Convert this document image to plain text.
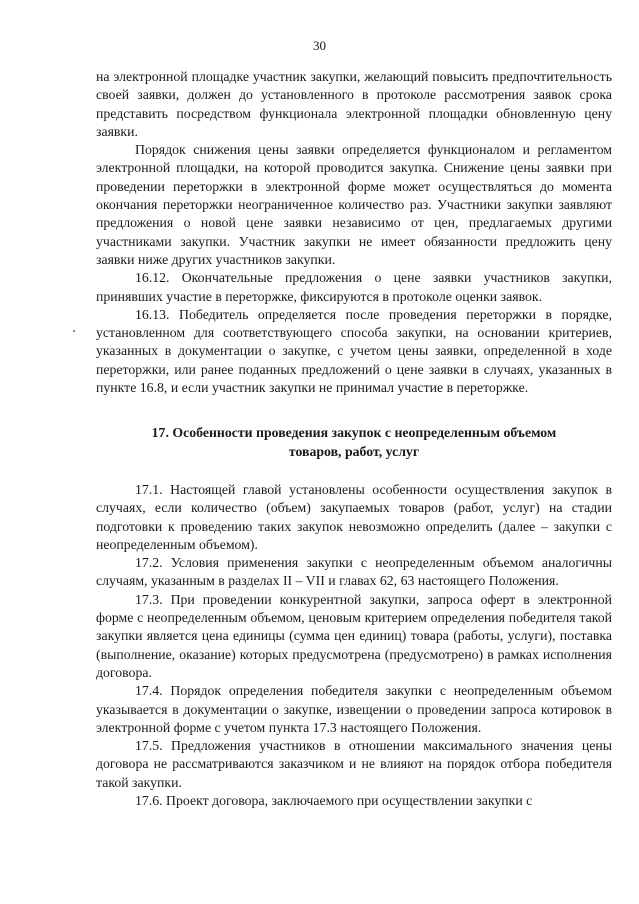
30

на электронной площадке участник закупки, желающий повысить предпочтительность своей заявки, должен до установленного в протоколе рассмотрения заявок срока представить посредством функционала электронной площадки обновленную цену заявки.

Порядок снижения цены заявки определяется функционалом и регламентом электронной площадки, на которой проводится закупка. Снижение цены заявки при проведении переторжки в электронной форме может осуществляться до момента окончания переторжки неограниченное количество раз. Участники закупки заявляют предложения о новой цене заявки независимо от цен, предлагаемых другими участниками закупки. Участник закупки не имеет обязанности предложить цену заявки ниже других участников закупки.

16.12. Окончательные предложения о цене заявки участников закупки, принявших участие в переторжке, фиксируются в протоколе оценки заявок.

16.13. Победитель определяется после проведения переторжки в порядке, установленном для соответствующего способа закупки, на основании критериев, указанных в документации о закупке, с учетом цены заявки, определенной в ходе переторжки, или ранее поданных предложений о цене заявки в случаях, указанных в пункте 16.8, и если участник закупки не принимал участие в переторжке.

17. Особенности проведения закупок с неопределенным объемом
товаров, работ, услуг

17.1. Настоящей главой установлены особенности осуществления закупок в случаях, если количество (объем) закупаемых товаров (работ, услуг) на стадии подготовки к проведению таких закупок невозможно определить (далее – закупки с неопределенным объемом).

17.2. Условия применения закупки с неопределенным объемом аналогичны случаям, указанным в разделах II – VII и главах 62, 63 настоящего Положения.

17.3. При проведении конкурентной закупки, запроса оферт в электронной форме с неопределенным объемом, ценовым критерием определения победителя такой закупки является цена единицы (сумма цен единиц) товара (работы, услуги), поставка (выполнение, оказание) которых предусмотрена (предусмотрено) в рамках исполнения договора.

17.4. Порядок определения победителя закупки с неопределенным объемом указывается в документации о закупке, извещении о проведении запроса котировок в электронной форме с учетом пункта 17.3 настоящего Положения.

17.5. Предложения участников в отношении максимального значения цены договора не рассматриваются заказчиком и не влияют на порядок отбора победителя такой закупки.

17.6. Проект договора, заключаемого при осуществлении закупки с
